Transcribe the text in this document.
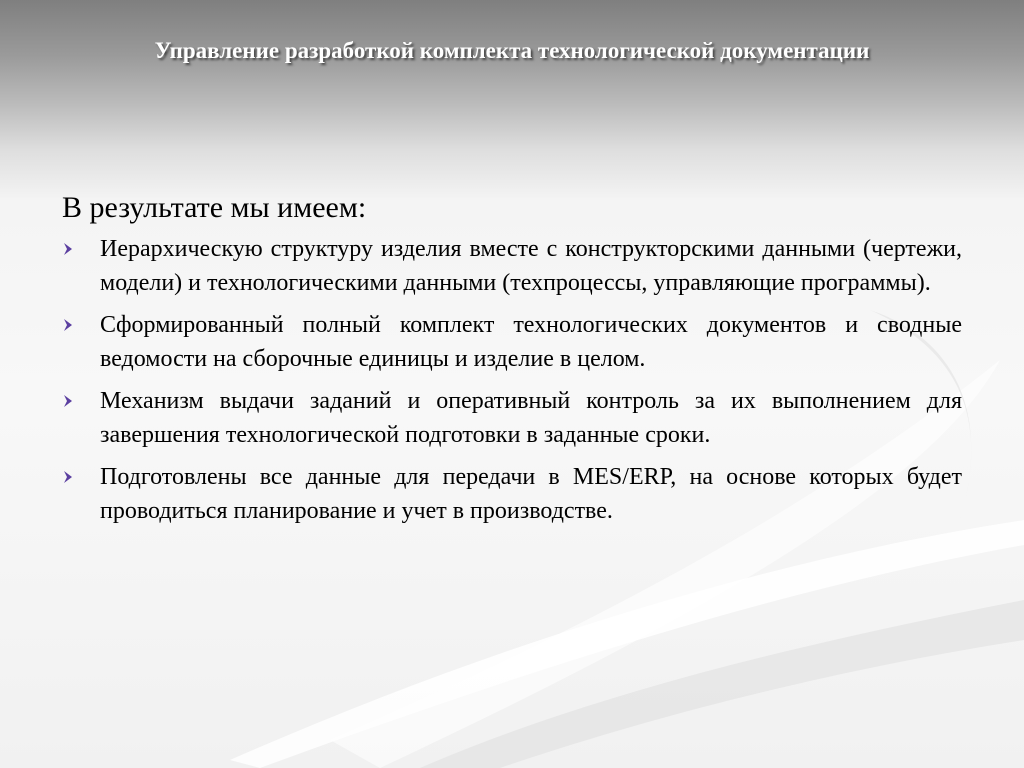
Управление разработкой комплекта технологической документации

В результате мы имеем:

Иерархическую структуру изделия вместе с конструкторскими данными (чертежи, модели) и технологическими данными (техпроцессы, управляющие программы).
Сформированный полный комплект технологических документов и сводные ведомости на сборочные единицы и изделие в целом.
Механизм выдачи заданий и оперативный контроль за их выполнением для завершения технологической подготовки в заданные сроки.
Подготовлены все данные для передачи в MES/ERP, на основе которых будет проводиться планирование и учет в производстве.
